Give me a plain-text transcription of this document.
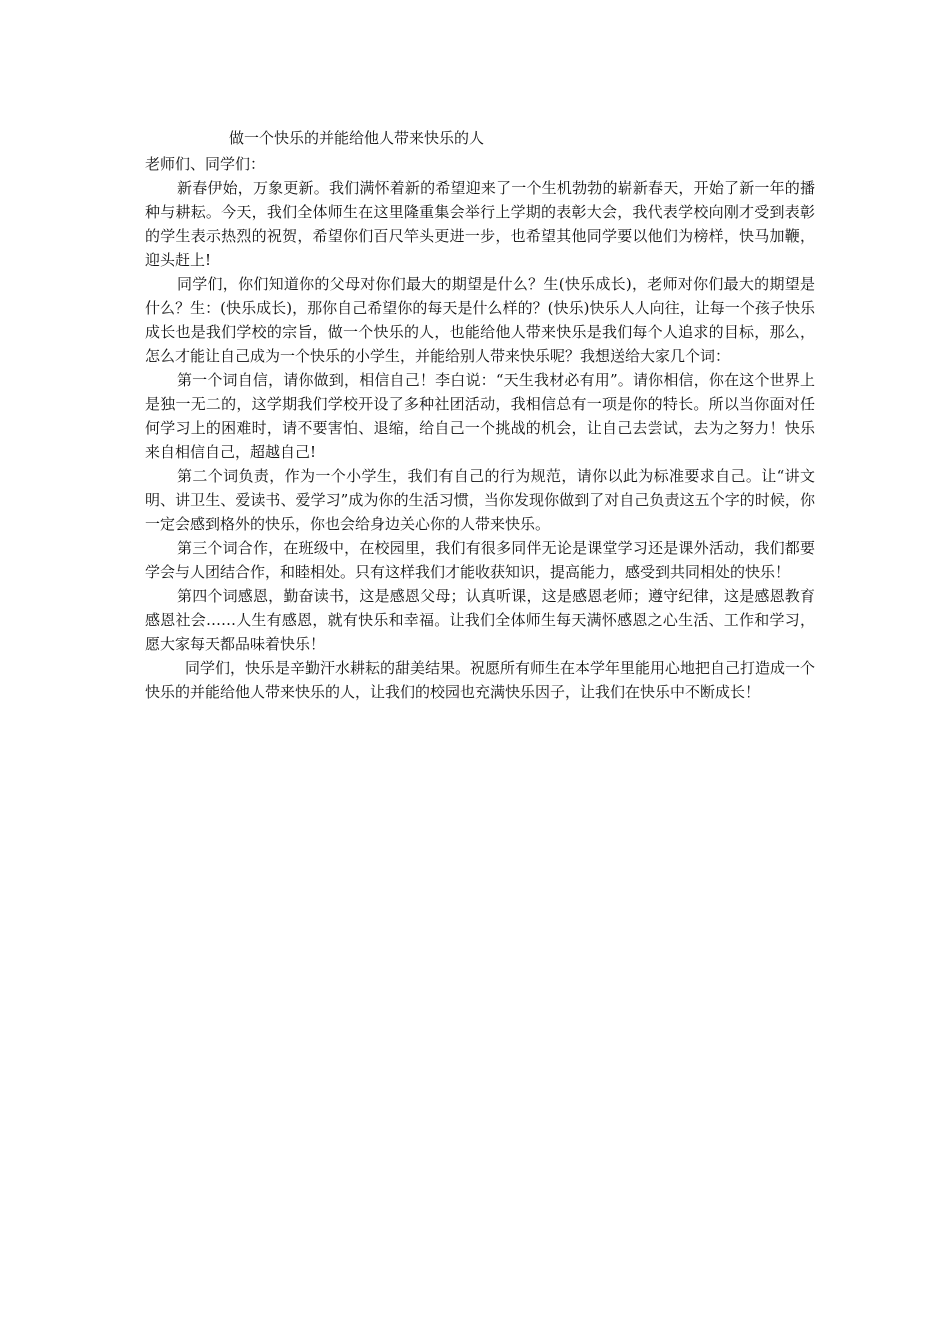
做一个快乐的并能给他人带来快乐的人

老师们、同学们：

新春伊始，万象更新。我们满怀着新的希望迎来了一个生机勃勃的崭新春天，开始了新一年的播种与耕耘。今天，我们全体师生在这里隆重集会举行上学期的表彰大会，我代表学校向刚才受到表彰的学生表示热烈的祝贺，希望你们百尺竿头更进一步，也希望其他同学要以他们为榜样，快马加鞭，迎头赶上!

同学们，你们知道你的父母对你们最大的期望是什么？生(快乐成长)，老师对你们最大的期望是什么？生：(快乐成长)，那你自己希望你的每天是什么样的？(快乐)快乐人人向往，让每一个孩子快乐成长也是我们学校的宗旨，做一个快乐的人，也能给他人带来快乐是我们每个人追求的目标，那么，怎么才能让自己成为一个快乐的小学生，并能给别人带来快乐呢？我想送给大家几个词：

第一个词自信，请你做到，相信自己！李白说：“天生我材必有用”。请你相信，你在这个世界上是独一无二的，这学期我们学校开设了多种社团活动，我相信总有一项是你的特长。所以当你面对任何学习上的困难时，请不要害怕、退缩，给自己一个挑战的机会，让自己去尝试，去为之努力！快乐来自相信自己，超越自己!

第二个词负责，作为一个小学生，我们有自己的行为规范，请你以此为标准要求自己。让“讲文明、讲卫生、爱读书、爱学习”成为你的生活习惯，当你发现你做到了对自己负责这五个字的时候，你一定会感到格外的快乐，你也会给身边关心你的人带来快乐。

第三个词合作，在班级中，在校园里，我们有很多同伴无论是课堂学习还是课外活动，我们都要学会与人团结合作，和睦相处。只有这样我们才能收获知识，提高能力，感受到共同相处的快乐！

第四个词感恩，勤奋读书，这是感恩父母；认真听课，这是感恩老师；遵守纪律，这是感恩教育感恩社会……人生有感恩，就有快乐和幸福。让我们全体师生每天满怀感恩之心生活、工作和学习，愿大家每天都品味着快乐！

同学们，快乐是辛勤汗水耕耘的甜美结果。祝愿所有师生在本学年里能用心地把自己打造成一个快乐的并能给他人带来快乐的人，让我们的校园也充满快乐因子，让我们在快乐中不断成长！
